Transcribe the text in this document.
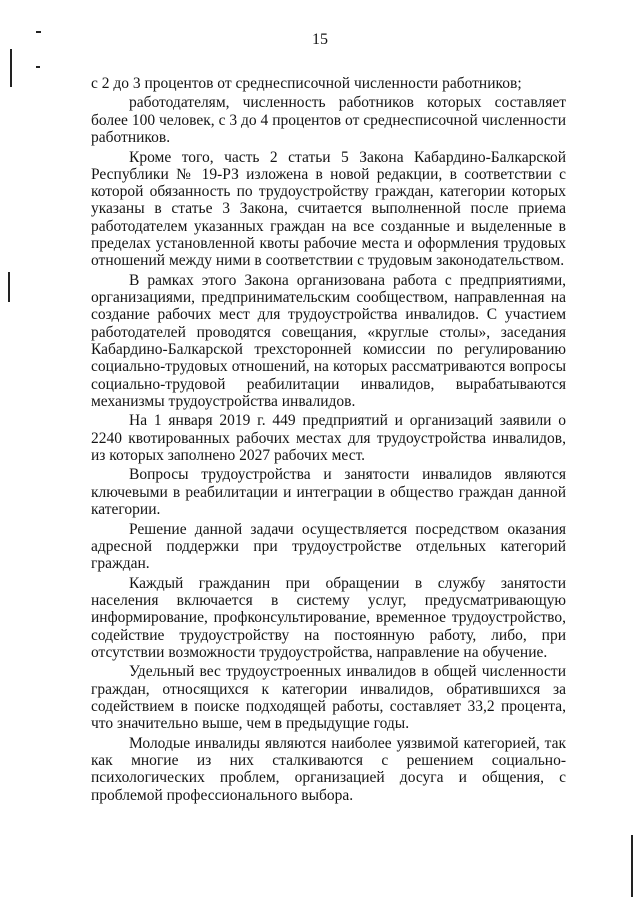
15

с 2 до 3 процентов от среднесписочной численности работников;

работодателям, численность работников которых составляет более 100 человек, с 3 до 4 процентов от среднесписочной численности работников.

Кроме того, часть 2 статьи 5 Закона Кабардино-Балкарской Республики № 19-РЗ изложена в новой редакции, в соответствии с которой обязанность по трудоустройству граждан, категории которых указаны в статье 3 Закона, считается выполненной после приема работодателем указанных граждан на все созданные и выделенные в пределах установленной квоты рабочие места и оформления трудовых отношений между ними в соответствии с трудовым законодательством.

В рамках этого Закона организована работа с предприятиями, организациями, предпринимательским сообществом, направленная на создание рабочих мест для трудоустройства инвалидов. С участием работодателей проводятся совещания, «круглые столы», заседания Кабардино-Балкарской трехсторонней комиссии по регулированию социально-трудовых отношений, на которых рассматриваются вопросы социально-трудовой реабилитации инвалидов, вырабатываются механизмы трудоустройства инвалидов.

На 1 января 2019 г. 449 предприятий и организаций заявили о 2240 квотированных рабочих местах для трудоустройства инвалидов, из которых заполнено 2027 рабочих мест.

Вопросы трудоустройства и занятости инвалидов являются ключевыми в реабилитации и интеграции в общество граждан данной категории.

Решение данной задачи осуществляется посредством оказания адресной поддержки при трудоустройстве отдельных категорий граждан.

Каждый гражданин при обращении в службу занятости населения включается в систему услуг, предусматривающую информирование, профконсультирование, временное трудоустройство, содействие трудоустройству на постоянную работу, либо, при отсутствии возможности трудоустройства, направление на обучение.

Удельный вес трудоустроенных инвалидов в общей численности граждан, относящихся к категории инвалидов, обратившихся за содействием в поиске подходящей работы, составляет 33,2 процента, что значительно выше, чем в предыдущие годы.

Молодые инвалиды являются наиболее уязвимой категорией, так как многие из них сталкиваются с решением социально-психологических проблем, организацией досуга и общения, с проблемой профессионального выбора.
